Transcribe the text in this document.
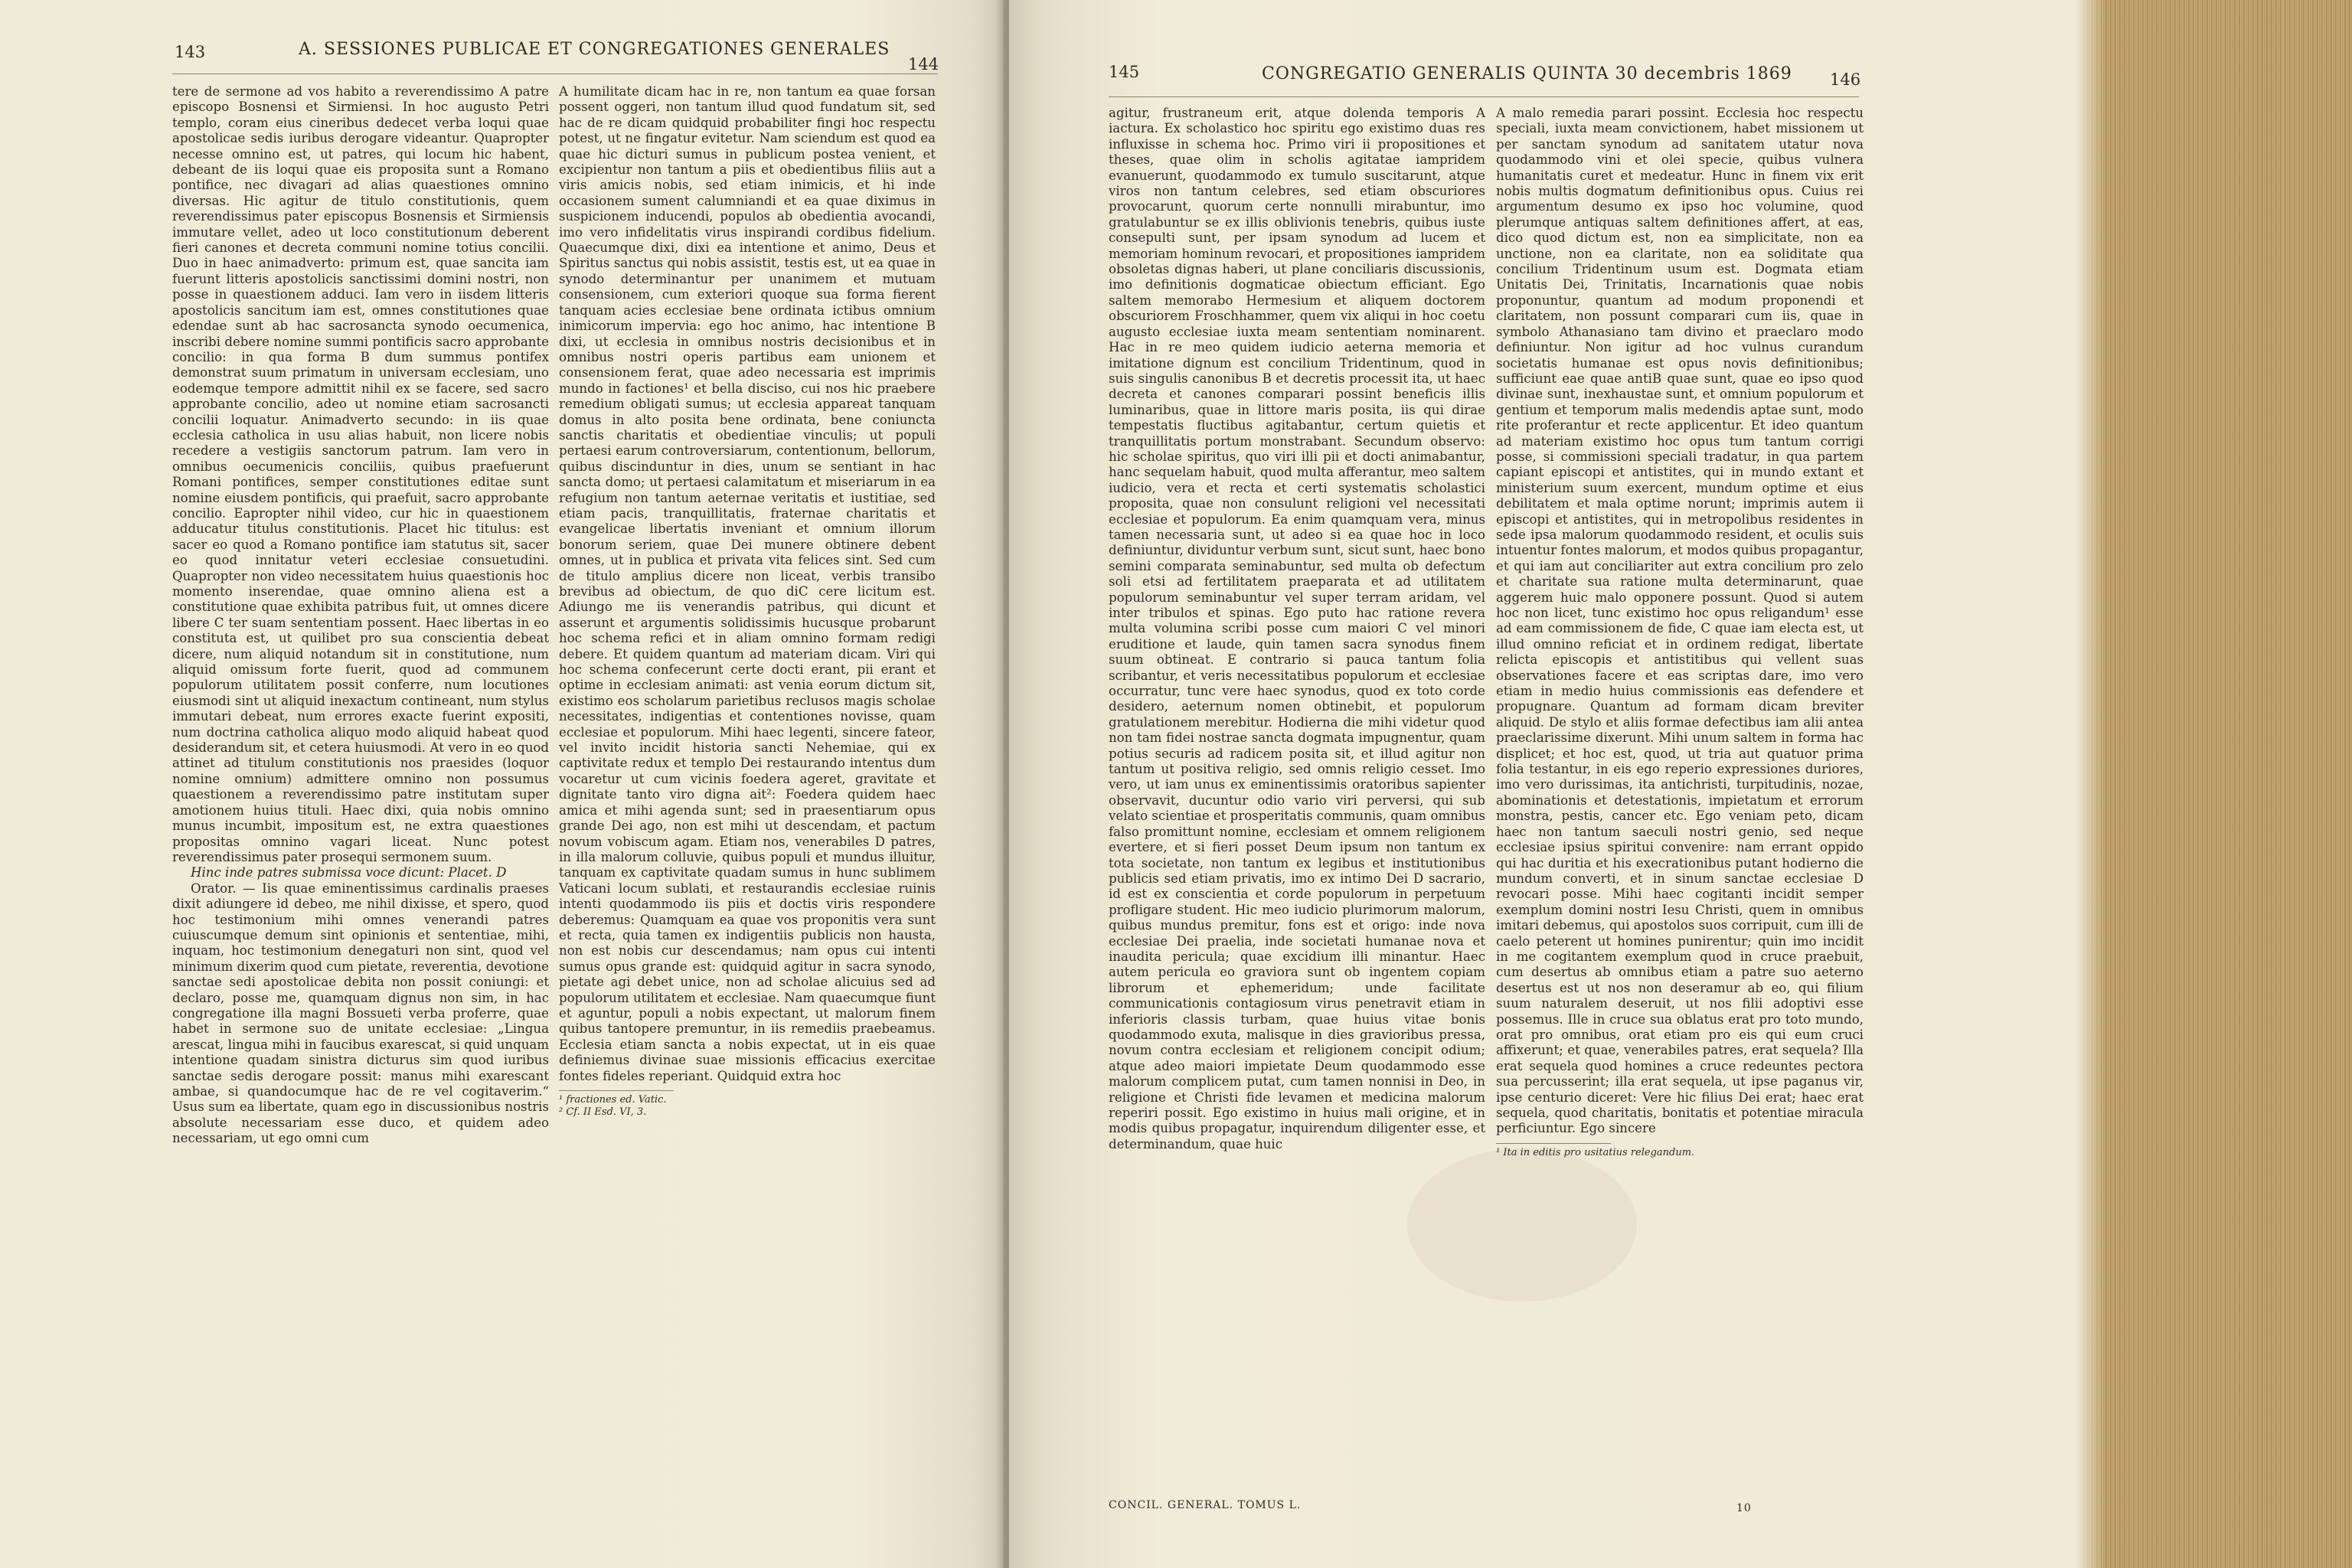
143	A. SESSIONES PUBLICAE ET CONGREGATIONES GENERALES
144
tere de sermone ad vos habito a reverendissimo A patre episcopo Bosnensi et Sirmiensi. In hoc augusto Petri templo, coram eius cineribus dedecet verba loqui quae apostolicae sedis iuribus derogare videantur. Quapropter necesse omnino est, ut patres, qui locum hic habent, debeant de iis loqui quae eis proposita sunt a Romano pontifice, nec divagari ad alias quaestiones omnino diversas. Hic agitur de titulo constitutionis, quem reverendissimus pater episcopus Bosnensis et Sirmiensis immutare vellet, adeo ut loco constitutionum deberent fieri canones et decreta communi nomine totius concilii. Duo in haec animadverto: primum est, quae sancita iam fuerunt litteris apostolicis sanctissimi domini nostri, non posse in quaestionem adduci. Iam vero in iisdem litteris apostolicis sancitum iam est, omnes constitutiones quae edendae sunt ab hac sacrosancta synodo oecumenica, inscribi debere nomine summi pontificis sacro approbante concilio: in qua forma B dum summus pontifex demonstrat suum primatum in universam ecclesiam, uno eodemque tempore admittit nihil ex se facere, sed sacro approbante concilio, adeo ut nomine etiam sacrosancti concilii loquatur. Animadverto secundo: in iis quae ecclesia catholica in usu alias habuit, non licere nobis recedere a vestigiis sanctorum patrum. Iam vero in omnibus oecumenicis conciliis, quibus praefuerunt Romani pontifices, semper constitutiones editae sunt nomine eiusdem pontificis, qui praefuit, sacro approbante concilio. Eapropter nihil video, cur hic in quaestionem adducatur titulus constitutionis. Placet hic titulus: est sacer eo quod a Romano pontifice iam statutus sit, sacer eo quod innitatur veteri ecclesiae consuetudini. Quapropter non video necessitatem huius quaestionis hoc momento inserendae, quae omnino aliena est a constitutione quae exhibita patribus fuit, ut omnes dicere libere C ter suam sententiam possent. Haec libertas in eo constituta est, ut quilibet pro sua conscientia debeat dicere, num aliquid notandum sit in constitutione, num aliquid omissum forte fuerit, quod ad communem populorum utilitatem possit conferre, num locutiones eiusmodi sint ut aliquid inexactum contineant, num stylus immutari debeat, num errores exacte fuerint expositi, num doctrina catholica aliquo modo aliquid habeat quod desiderandum sit, et cetera huiusmodi. At vero in eo quod attinet ad titulum constitutionis nos praesides (loquor nomine omnium) admittere omnino non possumus quaestionem a reverendissimo patre institutam super amotionem huius tituli. Haec dixi, quia nobis omnino munus incumbit, impositum est, ne extra quaestiones propositas omnino vagari liceat. Nunc potest reverendissimus pater prosequi sermonem suum.
Hinc inde patres submissa voce dicunt: Placet. D
Orator. — Iis quae eminentissimus cardinalis praeses dixit adiungere id debeo, me nihil dixisse, et spero, quod hoc testimonium mihi omnes venerandi patres cuiuscumque demum sint opinionis et sententiae, mihi, inquam, hoc testimonium denegaturi non sint, quod vel minimum dixerim quod cum pietate, reverentia, devotione sanctae sedi apostolicae debita non possit coniungi: et declaro, posse me, quamquam dignus non sim, in hac congregatione illa magni Bossueti verba proferre, quae habet in sermone suo de unitate ecclesiae: „Lingua arescat, lingua mihi in faucibus exarescat, si quid unquam intentione quadam sinistra dicturus sim quod iuribus sanctae sedis derogare possit: manus mihi exarescant ambae, si quandocumque hac de re vel cogitaverim.“ Usus sum ea libertate, quam ego in discussionibus nostris absolute necessariam esse duco, et quidem adeo necessariam, ut ego omni cum
A humilitate dicam hac in re, non tantum ea quae forsan possent oggeri, non tantum illud quod fundatum sit, sed hac de re dicam quidquid probabiliter fingi hoc respectu potest, ut ne fingatur evitetur. Nam sciendum est quod ea quae hic dicturi sumus in publicum postea venient, et excipientur non tantum a piis et obedientibus filiis aut a viris amicis nobis, sed etiam inimicis, et hi inde occasionem sument calumniandi et ea quae diximus in suspicionem inducendi, populos ab obedientia avocandi, imo vero infidelitatis virus inspirandi cordibus fidelium. Quaecumque dixi, dixi ea intentione et animo, Deus et Spiritus sanctus qui nobis assistit, testis est, ut ea quae in synodo determinantur per unanimem et mutuam consensionem, cum exteriori quoque sua forma fierent tanquam acies ecclesiae bene ordinata ictibus omnium inimicorum impervia: ego hoc animo, hac intentione B dixi, ut ecclesia in omnibus nostris decisionibus et in omnibus nostri operis partibus eam unionem et consensionem ferat, quae adeo necessaria est imprimis mundo in factiones¹ et bella disciso, cui nos hic praebere remedium obligati sumus; ut ecclesia appareat tanquam domus in alto posita bene ordinata, bene coniuncta sanctis charitatis et obedientiae vinculis; ut populi pertaesi earum controversiarum, contentionum, bellorum, quibus discinduntur in dies, unum se sentiant in hac sancta domo; ut pertaesi calamitatum et miseriarum in ea refugium non tantum aeternae veritatis et iustitiae, sed etiam pacis, tranquillitatis, fraternae charitatis et evangelicae libertatis inveniant et omnium illorum bonorum seriem, quae Dei munere obtinere debent omnes, ut in publica et privata vita felices sint. Sed cum de titulo amplius dicere non liceat, verbis transibo brevibus ad obiectum, de quo diC cere licitum est. Adiungo me iis venerandis patribus, qui dicunt et asserunt et argumentis solidissimis hucusque probarunt hoc schema refici et in aliam omnino formam redigi debere. Et quidem quantum ad materiam dicam. Viri qui hoc schema confecerunt certe docti erant, pii erant et optime in ecclesiam animati: ast venia eorum dictum sit, existimo eos scholarum parietibus reclusos magis scholae necessitates, indigentias et contentiones novisse, quam ecclesiae et populorum. Mihi haec legenti, sincere fateor, vel invito incidit historia sancti Nehemiae, qui ex captivitate redux et templo Dei restaurando intentus dum vocaretur ut cum vicinis foedera ageret, gravitate et dignitate tanto viro digna ait²: Foedera quidem haec amica et mihi agenda sunt; sed in praesentiarum opus grande Dei ago, non est mihi ut descendam, et pactum novum vobiscum agam. Etiam nos, venerabiles D patres, in illa malorum colluvie, quibus populi et mundus illuitur, tanquam ex captivitate quadam sumus in hunc sublimem Vaticani locum sublati, et restaurandis ecclesiae ruinis intenti quodammodo iis piis et doctis viris respondere deberemus: Quamquam ea quae vos proponitis vera sunt et recta, quia tamen ex indigentiis publicis non hausta, non est nobis cur descendamus; nam opus cui intenti sumus opus grande est: quidquid agitur in sacra synodo, pietate agi debet unice, non ad scholae alicuius sed ad populorum utilitatem et ecclesiae. Nam quaecumque fiunt et aguntur, populi a nobis expectant, ut malorum finem quibus tantopere premuntur, in iis remediis praebeamus. Ecclesia etiam sancta a nobis expectat, ut in eis quae definiemus divinae suae missionis efficacius exercitae fontes fideles reperiant. Quidquid extra hoc
¹ fractiones ed. Vatic.
² Cf. II Esd. VI, 3.
145	CONGREGATIO GENERALIS QUINTA 30 decembris 1869 146
agitur, frustraneum erit, atque dolenda temporis A iactura. Ex scholastico hoc spiritu ego existimo duas res influxisse in schema hoc. Primo viri ii propositiones et theses, quae olim in scholis agitatae iampridem evanuerunt, quodammodo ex tumulo suscitarunt, atque viros non tantum celebres, sed etiam obscuriores provocarunt, quorum certe nonnulli mirabuntur, imo gratulabuntur se ex illis oblivionis tenebris, quibus iuste consepulti sunt, per ipsam synodum ad lucem et memoriam hominum revocari, et propositiones iampridem obsoletas dignas haberi, ut plane conciliaris discussionis, imo definitionis dogmaticae obiectum efficiant. Ego saltem memorabo Hermesium et aliquem doctorem obscuriorem Froschhammer, quem vix aliqui in hoc coetu augusto ecclesiae iuxta meam sententiam nominarent. Hac in re meo quidem iudicio aeterna memoria et imitatione dignum est concilium Tridentinum, quod in suis singulis canonibus B et decretis processit ita, ut haec decreta et canones comparari possint beneficis illis luminaribus, quae in littore maris posita, iis qui dirae tempestatis fluctibus agitabantur, certum quietis et tranquillitatis portum monstrabant. Secundum observo: hic scholae spiritus, quo viri illi pii et docti animabantur, hanc sequelam habuit, quod multa afferantur, meo saltem iudicio, vera et recta et certi systematis scholastici proposita, quae non consulunt religioni vel necessitati ecclesiae et populorum. Ea enim quamquam vera, minus tamen necessaria sunt, ut adeo si ea quae hoc in loco definiuntur, dividuntur verbum sunt, sicut sunt, haec bono semini comparata seminabuntur, sed multa ob defectum soli etsi ad fertilitatem praeparata et ad utilitatem populorum seminabuntur vel super terram aridam, vel inter tribulos et spinas. Ego puto hac ratione revera multa volumina scribi posse cum maiori C vel minori eruditione et laude, quin tamen sacra synodus finem suum obtineat. E contrario si pauca tantum folia scribantur, et veris necessitatibus populorum et ecclesiae occurratur, tunc vere haec synodus, quod ex toto corde desidero, aeternum nomen obtinebit, et populorum gratulationem merebitur. Hodierna die mihi videtur quod non tam fidei nostrae sancta dogmata impugnentur, quam potius securis ad radicem posita sit, et illud agitur non tantum ut positiva religio, sed omnis religio cesset. Imo vero, ut iam unus ex eminentissimis oratoribus sapienter observavit, ducuntur odio vario viri perversi, qui sub velato scientiae et prosperitatis communis, quam omnibus falso promittunt nomine, ecclesiam et omnem religionem evertere, et si fieri posset Deum ipsum non tantum ex tota societate, non tantum ex legibus et institutionibus publicis sed etiam privatis, imo ex intimo Dei D sacrario, id est ex conscientia et corde populorum in perpetuum profligare student. Hic meo iudicio plurimorum malorum, quibus mundus premitur, fons est et origo: inde nova ecclesiae Dei praelia, inde societati humanae nova et inaudita pericula; quae excidium illi minantur. Haec autem pericula eo graviora sunt ob ingentem copiam librorum et ephemeridum; unde facilitate communicationis contagiosum virus penetravit etiam in inferioris classis turbam, quae huius vitae bonis quodammodo exuta, malisque in dies gravioribus pressa, novum contra ecclesiam et religionem concipit odium; atque adeo maiori impietate Deum quodammodo esse malorum complicem putat, cum tamen nonnisi in Deo, in religione et Christi fide levamen et medicina malorum reperiri possit. Ego existimo in huius mali origine, et in modis quibus propagatur, inquirendum diligenter esse, et determinandum, quae huic
A malo remedia parari possint. Ecclesia hoc respectu speciali, iuxta meam convictionem, habet missionem ut per sanctam synodum ad sanitatem utatur nova quodammodo vini et olei specie, quibus vulnera humanitatis curet et medeatur. Hunc in finem vix erit nobis multis dogmatum definitionibus opus. Cuius rei argumentum desumo ex ipso hoc volumine, quod plerumque antiquas saltem definitiones affert, at eas, dico quod dictum est, non ea simplicitate, non ea unctione, non ea claritate, non ea soliditate qua concilium Tridentinum usum est. Dogmata etiam Unitatis Dei, Trinitatis, Incarnationis quae nobis proponuntur, quantum ad modum proponendi et claritatem, non possunt comparari cum iis, quae in symbolo Athanasiano tam divino et praeclaro modo definiuntur. Non igitur ad hoc vulnus curandum societatis humanae est opus novis definitionibus; sufficiunt eae quae antiB quae sunt, quae eo ipso quod divinae sunt, inexhaustae sunt, et omnium populorum et gentium et temporum malis medendis aptae sunt, modo rite proferantur et recte applicentur. Et ideo quantum ad materiam existimo hoc opus tum tantum corrigi posse, si commissioni speciali tradatur, in qua partem capiant episcopi et antistites, qui in mundo extant et ministerium suum exercent, mundum optime et eius debilitatem et mala optime norunt; imprimis autem ii episcopi et antistites, qui in metropolibus residentes in sede ipsa malorum quodammodo resident, et oculis suis intuentur fontes malorum, et modos quibus propagantur, et qui iam aut conciliariter aut extra concilium pro zelo et charitate sua ratione multa determinarunt, quae aggerem huic malo opponere possunt. Quod si autem hoc non licet, tunc existimo hoc opus religandum¹ esse ad eam commissionem de fide, C quae iam electa est, ut illud omnino reficiat et in ordinem redigat, libertate relicta episcopis et antistitibus qui vellent suas observationes facere et eas scriptas dare, imo vero etiam in medio huius commissionis eas defendere et propugnare. Quantum ad formam dicam breviter aliquid. De stylo et aliis formae defectibus iam alii antea praeclarissime dixerunt. Mihi unum saltem in forma hac displicet; et hoc est, quod, ut tria aut quatuor prima folia testantur, in eis ego reperio expressiones duriores, imo vero durissimas, ita antichristi, turpitudinis, nozae, abominationis et detestationis, impietatum et errorum monstra, pestis, cancer etc. Ego veniam peto, dicam haec non tantum saeculi nostri genio, sed neque ecclesiae ipsius spiritui convenire: nam errant oppido qui hac duritia et his execrationibus putant hodierno die mundum converti, et in sinum sanctae ecclesiae D revocari posse. Mihi haec cogitanti incidit semper exemplum domini nostri Iesu Christi, quem in omnibus imitari debemus, qui apostolos suos corripuit, cum illi de caelo peterent ut homines punirentur; quin imo incidit in me cogitantem exemplum quod in cruce praebuit, cum desertus ab omnibus etiam a patre suo aeterno desertus est ut nos non deseramur ab eo, qui filium suum naturalem deseruit, ut nos filii adoptivi esse possemus. Ille in cruce sua oblatus erat pro toto mundo, orat pro omnibus, orat etiam pro eis qui eum cruci affixerunt; et quae, venerabiles patres, erat sequela? Illa erat sequela quod homines a cruce redeuntes pectora sua percusserint; illa erat sequela, ut ipse paganus vir, ipse centurio diceret: Vere hic filius Dei erat; haec erat sequela, quod charitatis, bonitatis et potentiae miracula perficiuntur. Ego sincere
¹ Ita in editis pro usitatius relegandum.
CONCIL. GENERAL. TOMUS L.	10
